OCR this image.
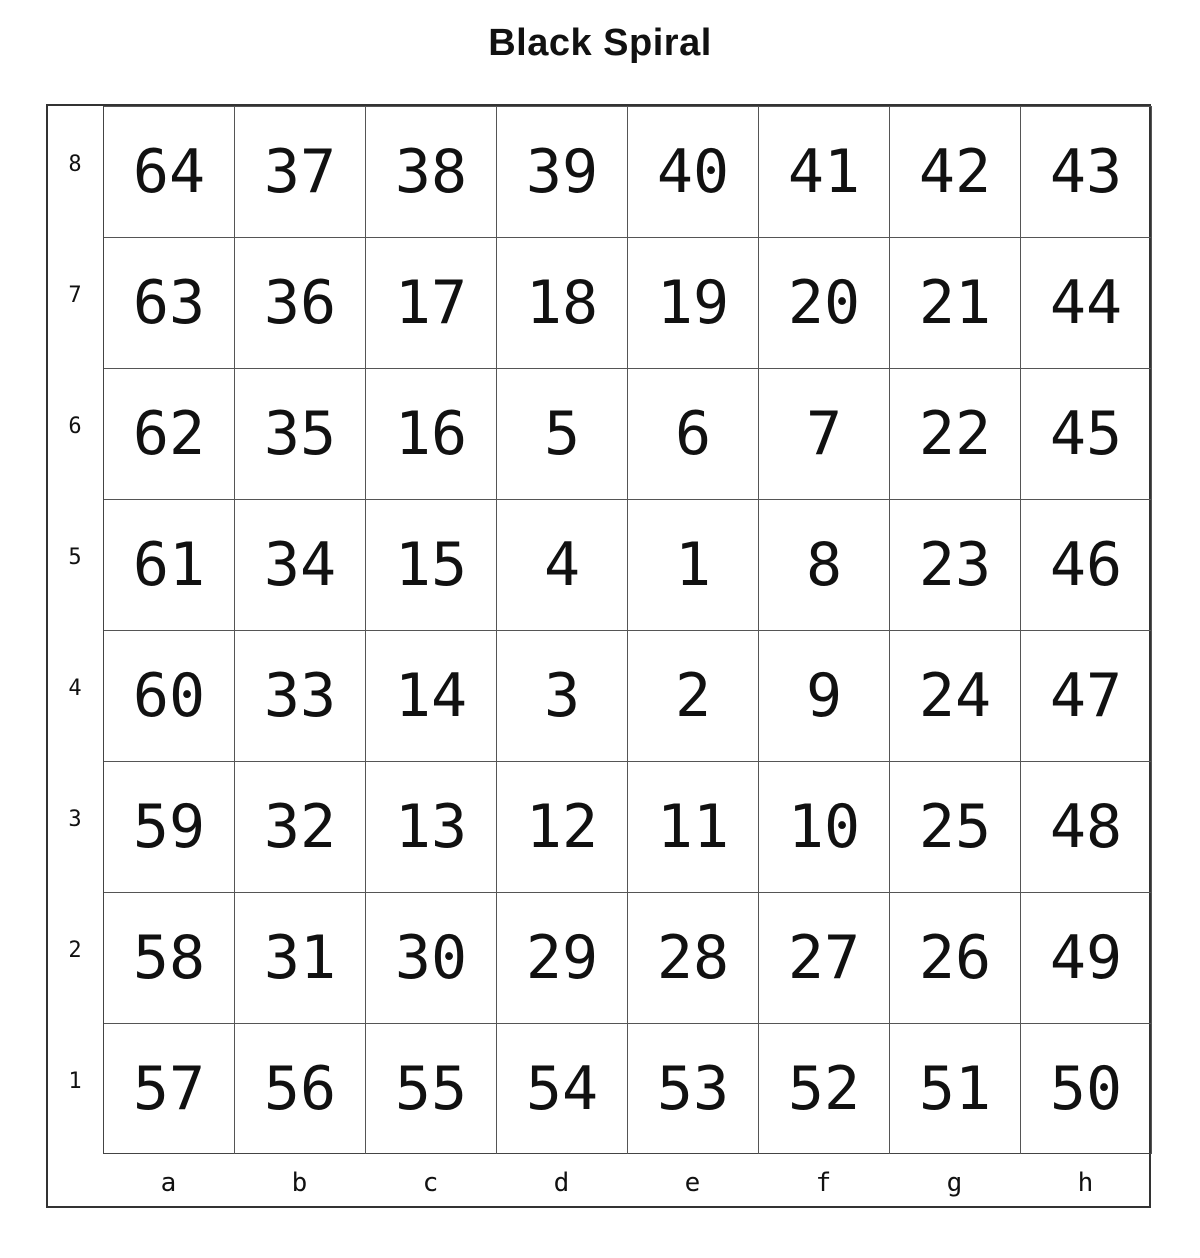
Black Spiral
8
7
6
5
4
3
2
1
a	b	c	d	e	f	g	h
64 37 38 39 40 41 42 43
63 36 17 18 19 20 21 44
62 35 16	5	6	7	22 45
61 34 15	4	1	8	23 46
60 33 14	3	2	9	24 47
59 32 13 12 11 10 25 48
58 31 30 29 28 27 26 49
57 56 55 54 53 52 51 50
